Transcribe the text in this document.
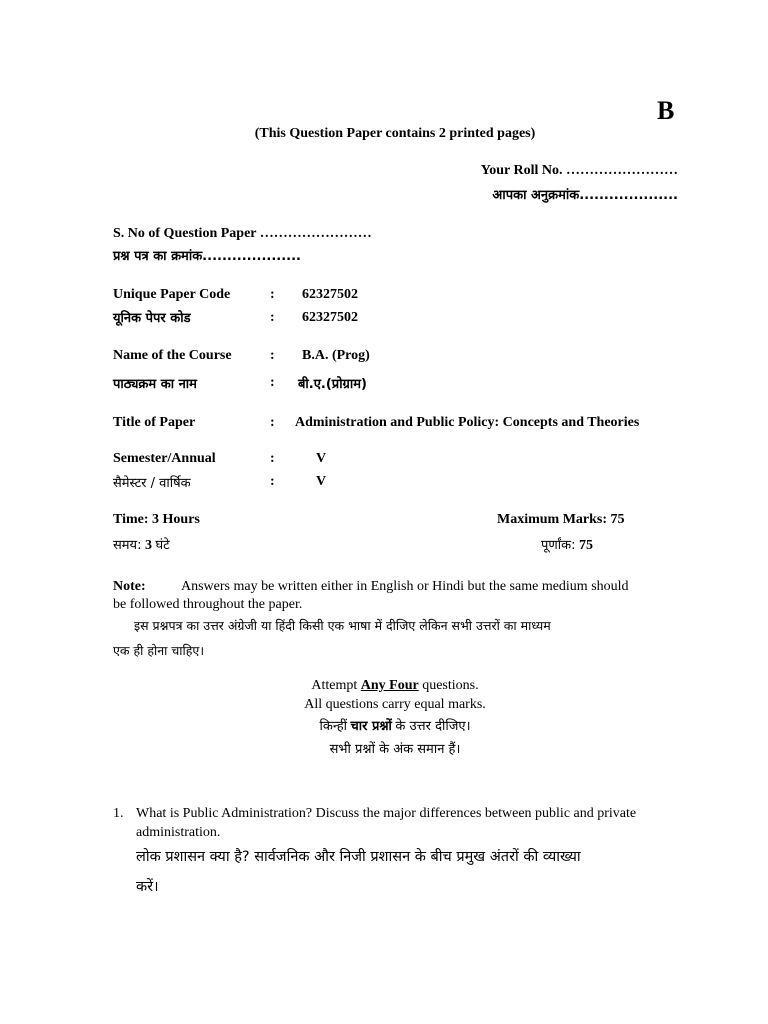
B
(This Question Paper contains 2 printed pages)
Your Roll No. ……………………
आपका अनुक्रमांक....................
S. No of Question Paper ……………………
प्रश्न पत्र का क्रमांक....................
Unique Paper Code	: 62327502
यूनिक पेपर कोड	: 62327502
Name of the Course	: B.A. (Prog)
पाठ्यक्रम का नाम	: बी.ए.(प्रोग्राम)
Title of Paper	: Administration and Public Policy: Concepts and Theories
Semester/Annual	:	V
सैमेस्टर / वार्षिक	:	V
Time: 3 Hours
समय: 3 घंटे
Maximum Marks: 75
पूर्णांक: 75
Note:	Answers may be written either in English or Hindi but the same medium should
be followed throughout the paper.
इस प्रश्नपत्र का उत्तर अंग्रेजी या हिंदी किसी एक भाषा में दीजिए लेकिन सभी उत्तरों का माध्यम
एक ही होना चाहिए।
Attempt Any Four questions.
All questions carry equal marks.
किन्हीं चार प्रश्नों के उत्तर दीजिए।
सभी प्रश्नों के अंक समान हैं।
1. What is Public Administration? Discuss the major differences between public and private
administration.
लोक प्रशासन क्या है? सार्वजनिक और निजी प्रशासन के बीच प्रमुख अंतरों की व्याख्या
करें।
